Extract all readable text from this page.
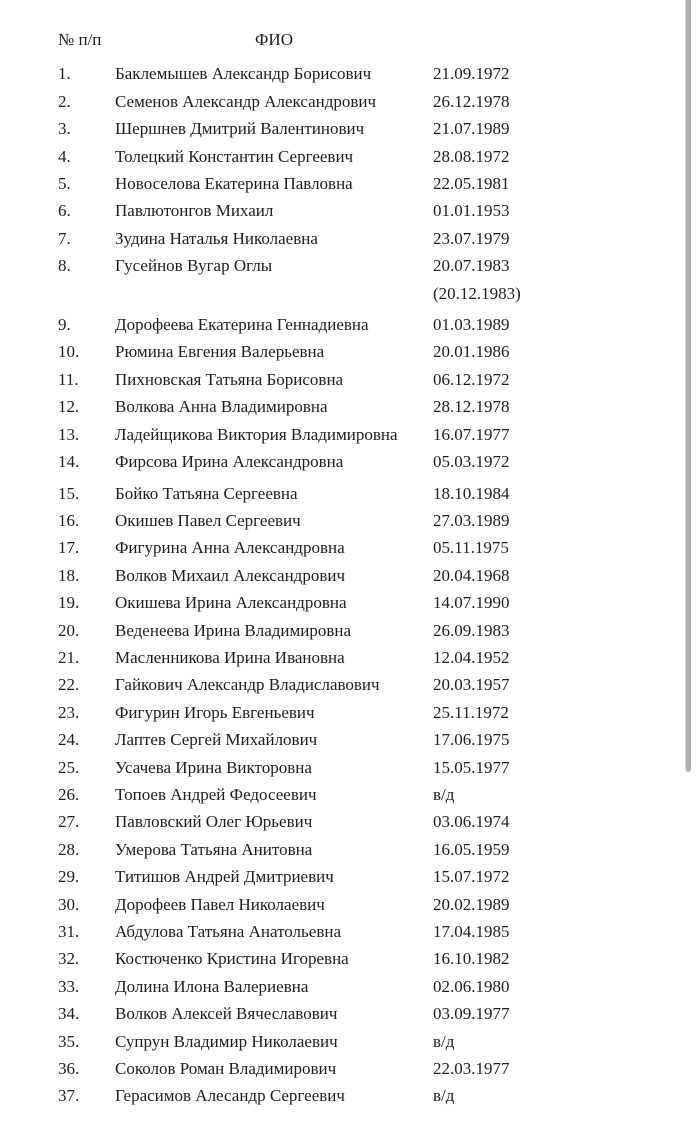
№ п/п	ФИО
1.	Баклемышев Александр Борисович	21.09.1972
2.	Семенов Александр Александрович	26.12.1978
3.	Шершнев Дмитрий Валентинович	21.07.1989
4.	Толецкий Константин Сергеевич	28.08.1972
5.	Новоселова Екатерина Павловна	22.05.1981
6.	Павлютонгов Михаил	01.01.1953
7.	Зудина Наталья Николаевна	23.07.1979
8.	Гусейнов Вугар Оглы	20.07.1983
(20.12.1983)
9.	Дорофеева Екатерина Геннадиевна	01.03.1989
10.	Рюмина Евгения Валерьевна	20.01.1986
11.	Пихновская Татьяна Борисовна	06.12.1972
12.	Волкова Анна Владимировна	28.12.1978
13.	Ладейщикова Виктория Владимировна	16.07.1977
14.	Фирсова Ирина Александровна	05.03.1972
15.	Бойко Татьяна Сергеевна	18.10.1984
16.	Окишев Павел Сергеевич	27.03.1989
17.	Фигурина Анна Александровна	05.11.1975
18.	Волков Михаил Александрович	20.04.1968
19.	Окишева Ирина Александровна	14.07.1990
20.	Веденеева Ирина Владимировна	26.09.1983
21.	Масленникова Ирина Ивановна	12.04.1952
22.	Гайкович Александр Владиславович	20.03.1957
23.	Фигурин Игорь Евгеньевич	25.11.1972
24.	Лаптев Сергей Михайлович	17.06.1975
25.	Усачева Ирина Викторовна	15.05.1977
26.	Топоев Андрей Федосеевич	в/д
27.	Павловский Олег Юрьевич	03.06.1974
28.	Умерова Татьяна Анитовна	16.05.1959
29.	Титишов Андрей Дмитриевич	15.07.1972
30.	Дорофеев Павел Николаевич	20.02.1989
31.	Абдулова Татьяна Анатольевна	17.04.1985
32.	Костюченко Кристина Игоревна	16.10.1982
33.	Долина Илона Валериевна	02.06.1980
34.	Волков Алексей Вячеславович	03.09.1977
35.	Супрун Владимир Николаевич	в/д
36.	Соколов Роман Владимирович	22.03.1977
37.	Герасимов Алесандр Сергеевич	в/д
